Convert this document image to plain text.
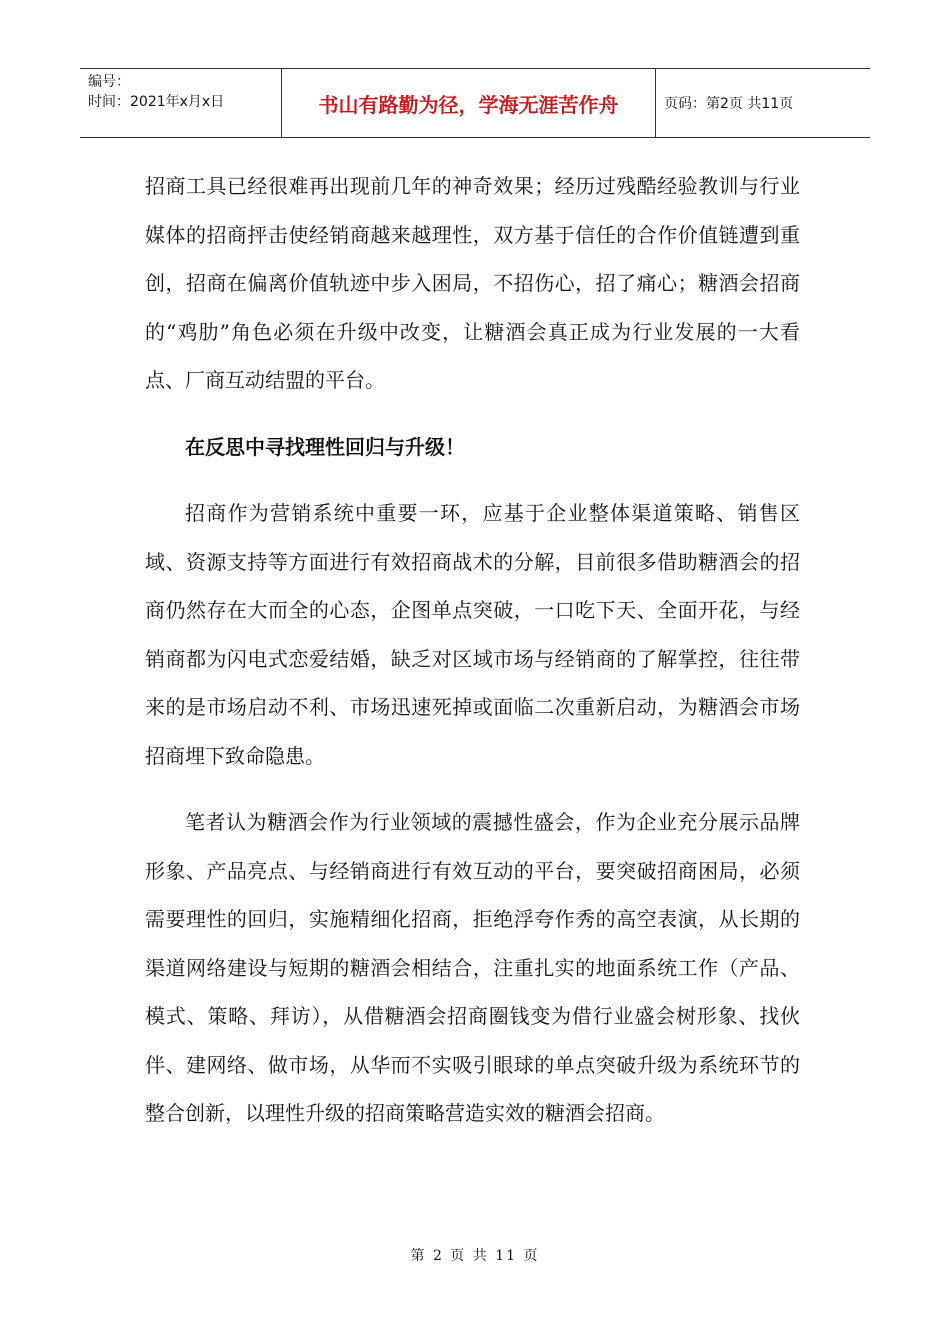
编号：
时间：2021年x月x日	书山有路勤为径，学海无涯苦作舟	页码：第2页 共11页

招商工具已经很难再出现前几年的神奇效果；经历过残酷经验教训与行业媒体的招商抨击使经销商越来越理性，双方基于信任的合作价值链遭到重创，招商在偏离价值轨迹中步入困局，不招伤心，招了痛心；糖酒会招商的“鸡肋”角色必须在升级中改变，让糖酒会真正成为行业发展的一大看点、厂商互动结盟的平台。

在反思中寻找理性回归与升级！

招商作为营销系统中重要一环，应基于企业整体渠道策略、销售区域、资源支持等方面进行有效招商战术的分解，目前很多借助糖酒会的招商仍然存在大而全的心态，企图单点突破，一口吃下天、全面开花，与经销商都为闪电式恋爱结婚，缺乏对区域市场与经销商的了解掌控，往往带来的是市场启动不利、市场迅速死掉或面临二次重新启动，为糖酒会市场招商埋下致命隐患。

笔者认为糖酒会作为行业领域的震撼性盛会，作为企业充分展示品牌形象、产品亮点、与经销商进行有效互动的平台，要突破招商困局，必须需要理性的回归，实施精细化招商，拒绝浮夸作秀的高空表演，从长期的渠道网络建设与短期的糖酒会相结合，注重扎实的地面系统工作（产品、模式、策略、拜访），从借糖酒会招商圈钱变为借行业盛会树形象、找伙伴、建网络、做市场，从华而不实吸引眼球的单点突破升级为系统环节的整合创新，以理性升级的招商策略营造实效的糖酒会招商。

第 2 页 共 11 页
